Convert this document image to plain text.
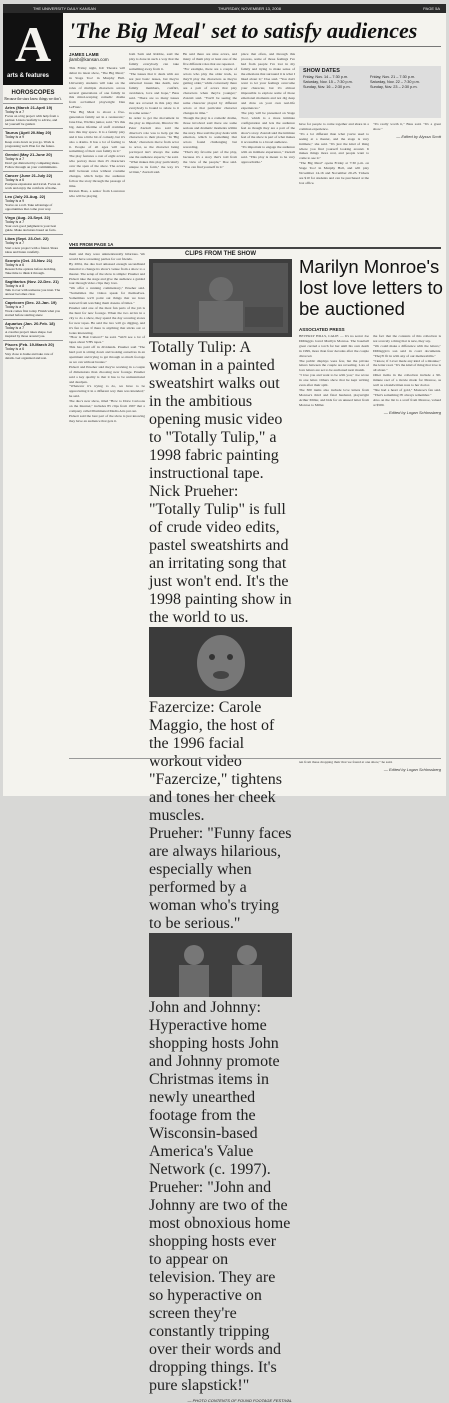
THE UNIVERSITY DAILY KANSAN	THURSDAY, NOVEMBER 13, 2008	PAGE 5A
A
arts & features
'The Big Meal' set to satisfy audiences
JAMES LAMB
jlamb@kansan.com

This Friday night, KU Theatre will debut its latest show, "The Big Meal," in Stage Too! in Murphy Hall. University students will take on the roles of multiple characters across several generations of one family in this mind-warping comedic drama from acclaimed playwright Dan LeFranc.

"The Big Meal is about a five-generation family set in a restaurant," Jane Doe, Wichita junior, said. "It's this big, dense lifetime of stuff crammed into this tiny space. It is a family play and it has a little bit of comedy, but it's also a drama. It has a lot of feeling to it. People of all ages will see something of their own family in it."

The play features a cast of eight actors who portray more than 25 characters over the span of the show. The actors shift between roles without costume changes, which helps the audience follow the story through the passage of time.

Kirsten Bass, a senior from Lawrence who will be playing

both Sam and Robbie, said the play is done in such a way that the family everybody can take something away from it.

"The issues that it deals with are not just basic issues, but they're universal issues like death, new family members, conflict, avoidance, love and hope," Bass said. "There are so many issues that are covered in this play that everybody is bound to relate to it in some sense."

In order to get the movement in the play as important, Director Dr. Peter Zazzali also said the director's role was to help get the characters to their places. "In 'Big Meal,' characters move from actor to actor, so the character being portrayed isn't always the same one the audience expects," he said.

"What makes this play particularly unique is its form," the way it's written," Zazzali said.

He said there are nine actors, and many of them play at least one of the five different roles that are repeated.

"For example, there are a couple of actors who play the older track, so they'll play the characters as they're getting older," while conversely there are a pair of actors that play characters when they're younger," Zazzali said. "You'll be seeing the same character played by different actors at that particular character changes in time."

Though the play is a comedic drama, those involved said there are some serious and dramatic moments within the story. Doe said the play deals with emotion, which is something that actors found challenging but rewarding.

"That's my favorite part of the play, because it's a story that's told from the view of the people," Doe said. "You can find yourself in it."

place that often, and through this process, some of those feelings I've had from people I've lost in my family and trying to make sense of the emotions that surround it is what I liked about it," Doe said. "You don't want to let your feelings overcome your character, but it's almost impossible to explore some of those emotional moments and not dig deep and draw on your own real-life experiences."

The play will be presented on Stage Too!, which is a more intimate configuration and lets the audience feel as though they are a part of the show's story. Zazzali said the intimate feel of the show is part of what makes it accessible to a broad audience.

"It's important to engage the audience with an intimate experience," Zazzali said. "This play is meant to be very approachable."

SHOW DATES
Friday, Nov. 14 – 7:30 p.m.
Saturday, Nov. 15 – 7:30 p.m.
Sunday, Nov. 16 – 2:30 p.m.
Friday, Nov. 21 – 7:30 p.m.
Saturday, Nov. 22 – 7:30 p.m.
Sunday, Nov. 23 – 2:30 p.m.

have for people to come together and share in a common experience.

"It's a lot different than what you're used to seeing at a theater, and the stage is very intimate," she said. "It's just the kind of thing where you find yourself looking around. It makes things more real, and people want to come to see it."

"The Big Meal" opens Friday at 7:30 p.m. on Stage Too! in Murphy Hall, and will play November 14-16 and November 20-23. Tickets are $10 for students and can be purchased at the box office.

"It's really worth it," Bass said. "It's a great show."

— Edited by Alyssa Scott
HOROSCOPES
Because the stars know things we don't.
Aries (March 21-April 19)
Today is a 7
Focus on a big project with help from a partner. Listen carefully to advice, and let yourself be guided.
Taurus (April 20-May 20)
Today is a 9
Keep costs down as you go. Work is progressing well. Plan for the future.
Gemini (May 21-June 20)
Today is a 7
Don't get distracted by competing ideas. Follow through on your commitments.
Cancer (June 21-July 22)
Today is a 6
Postpone expansion and travel. Focus on work and enjoy the comforts of home.
Leo (July 23-Aug. 22)
Today is a 9
You're on a roll. Take advantage of opportunities that come your way.
Virgo (Aug. 23-Sept. 22)
Today is a 7
Your own good judgment is your best guide. Make decisions based on facts.
Libra (Sept. 23-Oct. 22)
Today is a 7
Start a new project with a friend. Share ideas and listen carefully.
Scorpio (Oct. 23-Nov. 21)
Today is a 6
Research the options before deciding. Take time to think it through.
Sagittarius (Nov. 22-Dec. 21)
Today is a 8
Talk it over with someone you trust. The answer becomes clear.
Capricorn (Dec. 22-Jan. 19)
Today is a 7
Work comes first today. Finish what you started before starting anew.
Aquarius (Jan. 20-Feb. 18)
Today is a 7
A creative project takes shape. Get inspired by those around you.
Pisces (Feb. 19-March 20)
Today is a 6
Stay close to home and take care of details. Get organized and rest.
VHS FROM PAGE 1A

them and they were unintentionally hilarious. We would have screening parties for our friends.

By 2004, the duo had amassed enough secondhand material to change its show's venue from a show to a theater. The setup of the show is simple: Prueher and Pickett take the stage and give the audience a guided tour through video clips they love.

"We offer a running commentary," Prueher said. "Sometimes the videos speak for themselves. Sometimes we'll point out things that we have noticed from watching them dozens of times."

Prueher said one of the most fun parts of the job is the hunt for new footage. When the two arrive in a city to do a show, they spend the day scouring stores for new tapes. He said the two will go digging, and it's fun to see if there is anything that sticks out or looks interesting.

"How is Hair Cutters?" he said. "We'll see a lot of tapes about VHS tapes."

This has paid off in dividends. Prueher said "The hard part is sitting down and looking ourselves in an apartment and trying to get through so much footage as we can without breaks."

Pickett and Prueher said they're working in a couple of dimensions than choosing new footage. Prueher said a key quality is that it has to be unintentional and deadpan.

"Whatever it's trying to do, we have to be appreciating it in a different way than was intended," he said.

The duo's new show, titled "How to Draw Cartoons on the Internet," includes 85 clips from 1997 that a company called Illuminated Media Arts put out.

Pickett said the best part of the show is just knowing they have an audience that gets it.

CLIPS FROM THE SHOW
Totally Tulip: A woman in a painted sweatshirt walks out in the ambitious opening music video to "Totally Tulip," a 1998 fabric painting instructional tape.
Nick Prueher: "Totally Tulip" is full of crude video edits, pastel sweatshirts and an irritating song that just won't end. It's the 1998 painting show in the world to us.
Fazercize: Carole Maggio, the host of the 1996 facial workout video "Fazercize," tightens and tones her cheek muscles.
Prueher: "Funny faces are always hilarious, especially when performed by a woman who's trying to be serious."
John and Johnny: Hyperactive home shopping hosts John and Johnny promote Christmas items in newly unearthed footage from the Wisconsin-based America's Value Network (c. 1997).
Prueher: "John and Johnny are two of the most obnoxious home shopping hosts ever to appear on television. They are so hyperactive on screen they're constantly tripping over their words and dropping things. It's pure slapstick!"
— PHOTO CONTENTS OF FOUND FOOTAGE FESTIVAL
Marilyn Monroe's lost love letters to be auctioned
ASSOCIATED PRESS

BEVERLY HILLS, CALIF. — It's no secret Joe DiMaggio loved Marilyn Monroe. The baseball great carried a torch for her until his own death in 1999, more than four decades after the couple divorced.

The public displays were few, but the private letters between the couple are revealing. Lots of love letters are set to be auctioned next month.

"I love you and want to be with you," Joe wrote in one letter. Others show that he kept writing even after their split.

The 300 items also include love letters from Monroe's third and final husband, playwright Arthur Miller, and bids for an unused letter from Monroe to Miller.

the fact that the contents of this collection is not scarcely a thing that is new, they say.

"We could make a difference with the letters," DiMaggio's son said in court documents. "They'll fit in with any of our memorabilia."

"I know, if I ever made any kind of a mistake," the letter read. "It's the kind of thing that love is all about."

Other items in the collection include a 90-minute reel of a movie made for Monroe, as well as a handwritten note to her doctor.

"She had a heart of gold," Monroe's fan said. "That's something I'll always remember."

Also on the list is a scarf from Monroe, valued at $500.

— Edited by Logan Schlossberg

ten from these dropping their that we found at one show," he said.

— Edited by Logan Schlossberg
